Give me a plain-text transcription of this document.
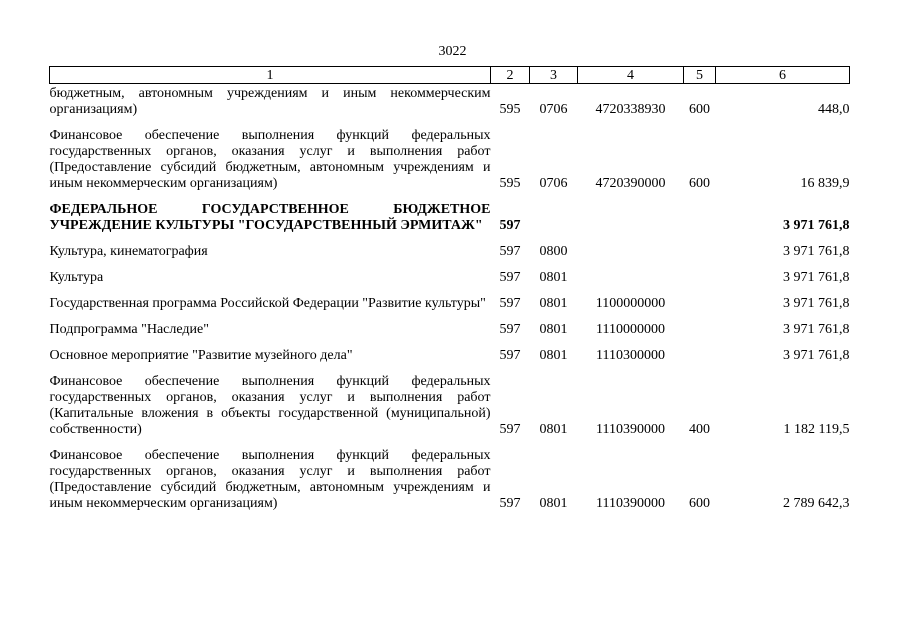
3022
1	2	3	4	5	6
бюджетным, автономным учреждениям и иным некоммерческим организациям)	595	0706	4720338930	600	448,0
Финансовое обеспечение выполнения функций федеральных государственных органов, оказания услуг и выполнения работ (Предоставление субсидий бюджетным, автономным учреждениям и иным некоммерческим организациям)	595	0706	4720390000	600	16 839,9
ФЕДЕРАЛЬНОЕ ГОСУДАРСТВЕННОЕ БЮДЖЕТНОЕ УЧРЕЖДЕНИЕ КУЛЬТУРЫ "ГОСУДАРСТВЕННЫЙ ЭРМИТАЖ"	597				3 971 761,8
Культура, кинематография	597	0800			3 971 761,8
Культура	597	0801			3 971 761,8
Государственная программа Российской Федерации "Развитие культуры"	597	0801	1100000000		3 971 761,8
Подпрограмма "Наследие"	597	0801	1110000000		3 971 761,8
Основное мероприятие "Развитие музейного дела"	597	0801	1110300000		3 971 761,8
Финансовое обеспечение выполнения функций федеральных государственных органов, оказания услуг и выполнения работ (Капитальные вложения в объекты государственной (муниципальной) собственности)	597	0801	1110390000	400	1 182 119,5
Финансовое обеспечение выполнения функций федеральных государственных органов, оказания услуг и выполнения работ (Предоставление субсидий бюджетным, автономным учреждениям и иным некоммерческим организациям)	597	0801	1110390000	600	2 789 642,3
